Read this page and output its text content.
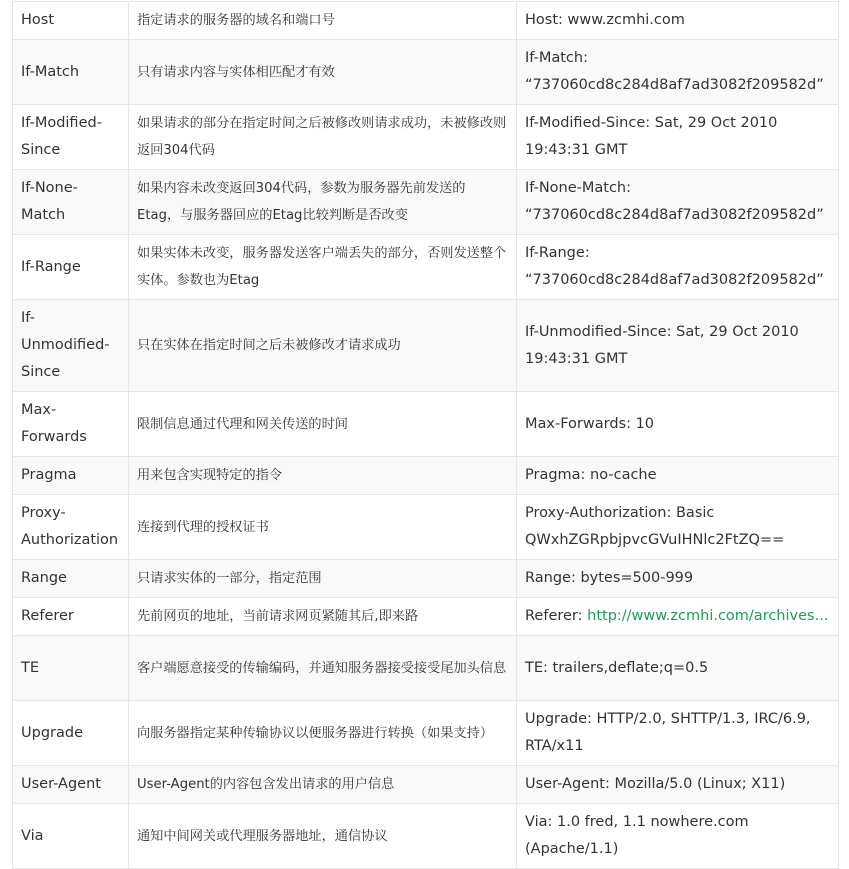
Host	指定请求的服务器的域名和端口号	Host: www.zcmhi.com
If-Match	只有请求内容与实体相匹配才有效	If-Match: “737060cd8c284d8af7ad3082f209582d”
If-Modified-Since	如果请求的部分在指定时间之后被修改则请求成功，未被修改则返回304代码	If-Modified-Since: Sat, 29 Oct 2010 19:43:31 GMT
If-None-Match	如果内容未改变返回304代码，参数为服务器先前发送的Etag，与服务器回应的Etag比较判断是否改变	If-None-Match: “737060cd8c284d8af7ad3082f209582d”
If-Range	如果实体未改变，服务器发送客户端丢失的部分，否则发送整个实体。参数也为Etag	If-Range: “737060cd8c284d8af7ad3082f209582d”
If-Unmodified-Since	只在实体在指定时间之后未被修改才请求成功	If-Unmodified-Since: Sat, 29 Oct 2010 19:43:31 GMT
Max-Forwards	限制信息通过代理和网关传送的时间	Max-Forwards: 10
Pragma	用来包含实现特定的指令	Pragma: no-cache
Proxy-Authorization	连接到代理的授权证书	Proxy-Authorization: Basic QWxhZGRpbjpvcGVuIHNlc2FtZQ==
Range	只请求实体的一部分，指定范围	Range: bytes=500-999
Referer	先前网页的地址，当前请求网页紧随其后,即来路	Referer: http://www.zcmhi.com/archives...

TE	客户端愿意接受的传输编码，并通知服务器接受接受尾加头信息	TE: trailers,deflate;q=0.5
Upgrade	向服务器指定某种传输协议以便服务器进行转换（如果支持）	Upgrade: HTTP/2.0, SHTTP/1.3, IRC/6.9, RTA/x11
User-Agent	User-Agent的内容包含发出请求的用户信息	User-Agent: Mozilla/5.0 (Linux; X11)
Via	通知中间网关或代理服务器地址，通信协议	Via: 1.0 fred, 1.1 nowhere.com (Apache/1.1)
